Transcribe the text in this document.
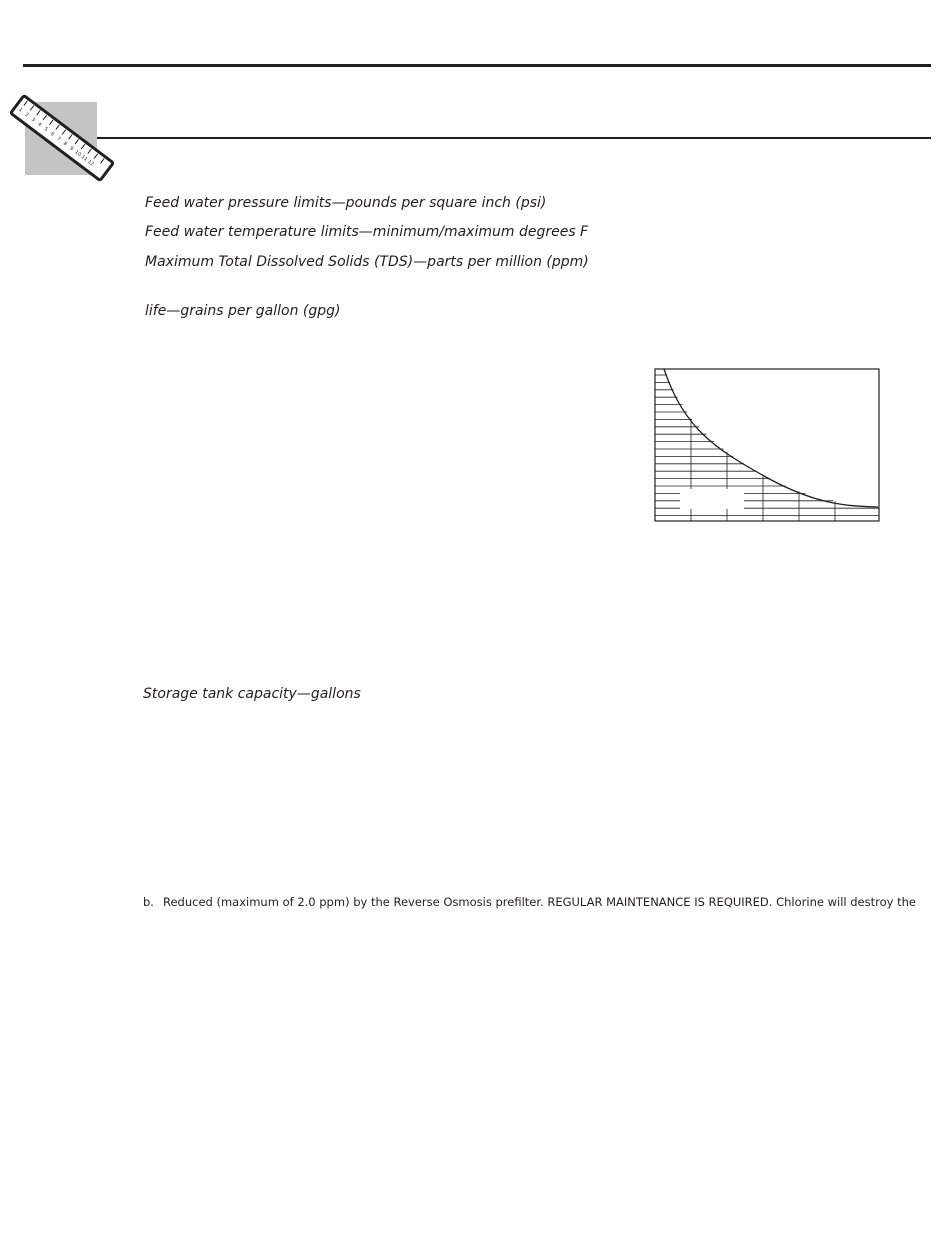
1
2
3
4
5
6
7
8
9
10
11
12
Feed water pressure limits—pounds per square inch (psi)
Feed water temperature limits—minimum/maximum degrees F
Maximum Total Dissolved Solids (TDS)—parts per million (ppm)
life—grains per gallon (gpg)
Storage tank capacity—gallons
b. Reduced (maximum of 2.0 ppm) by the Reverse Osmosis prefilter. REGULAR MAINTENANCE IS REQUIRED. Chlorine will destroy the
